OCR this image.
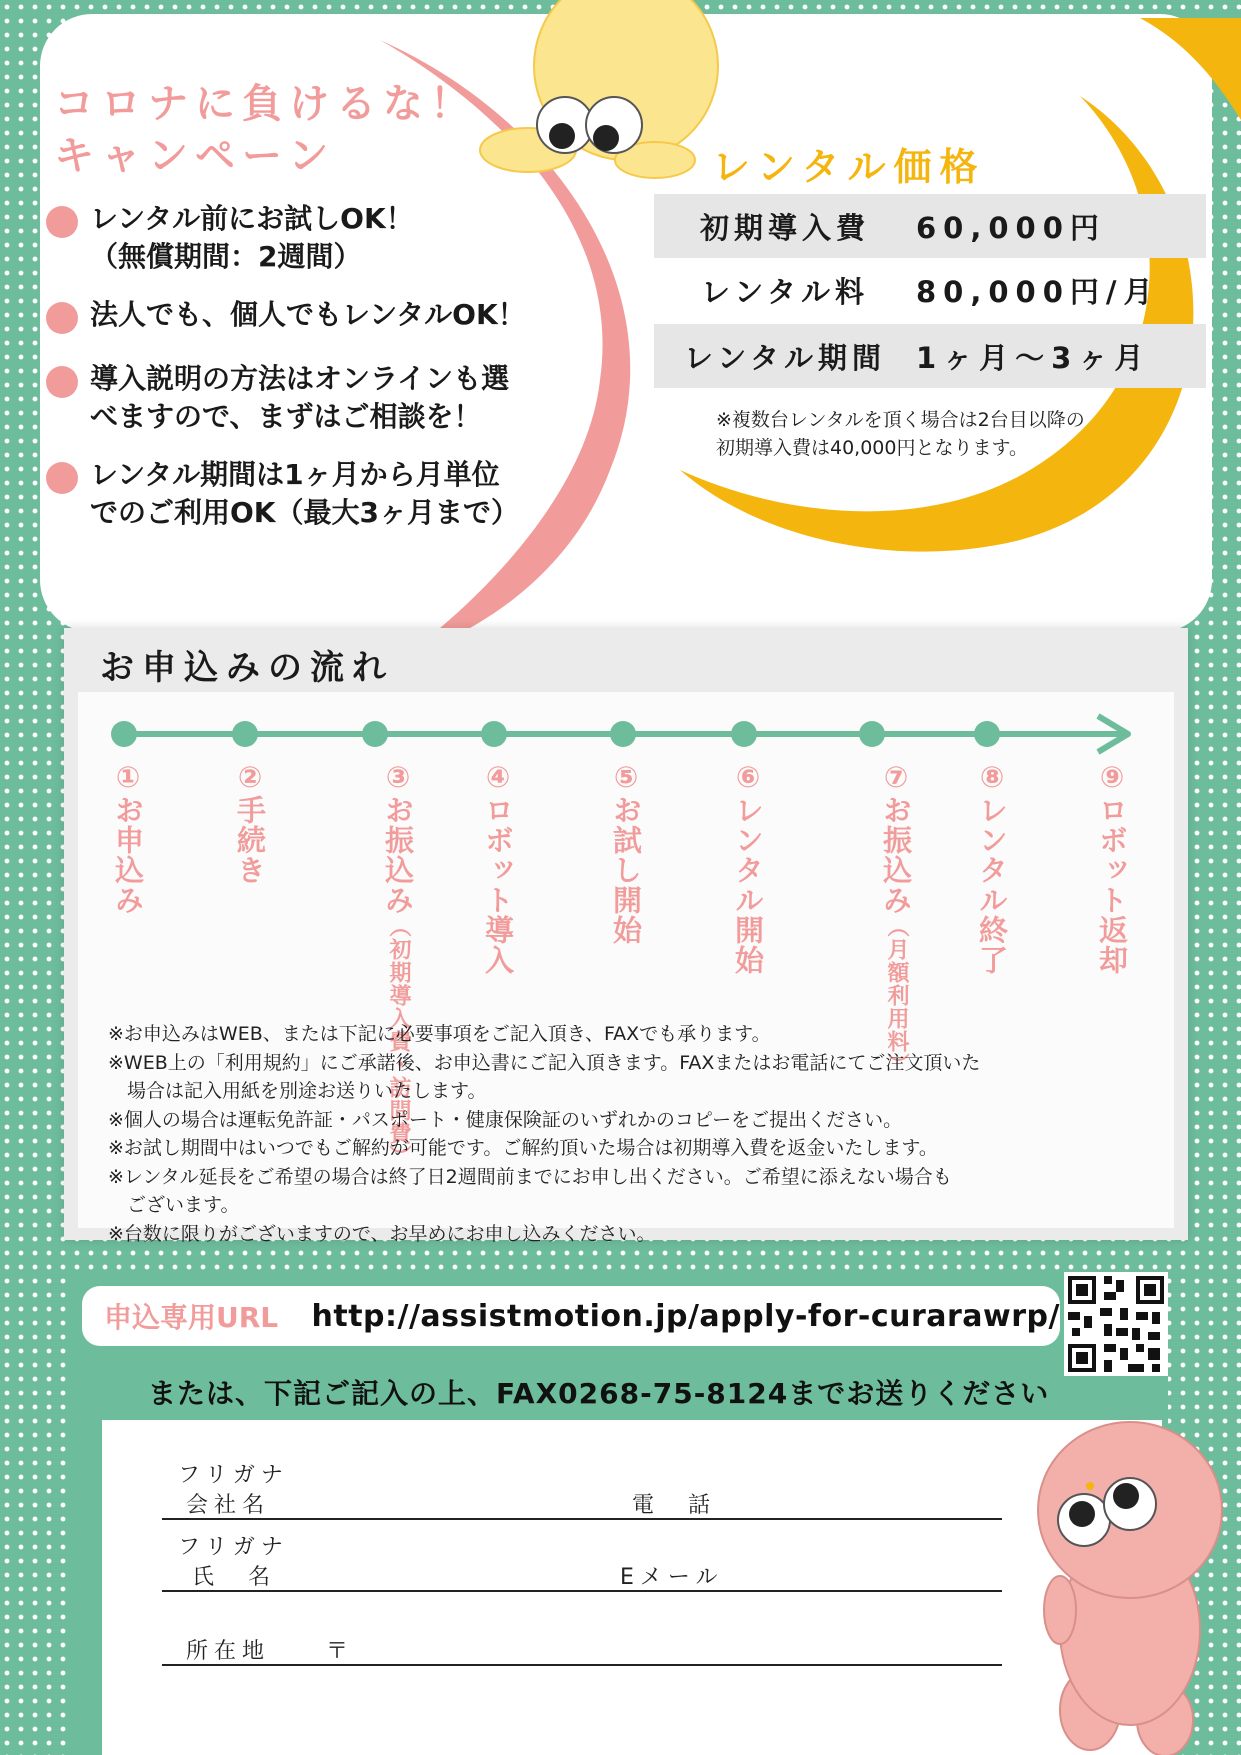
コロナに負けるな！
キャンペーン
レンタル前にお試しOK！
（無償期間：2週間）
法人でも、個人でもレンタルOK！
導入説明の方法はオンラインも選
べますので、まずはご相談を！
レンタル期間は1ヶ月から月単位
でのご利用OK（最大3ヶ月まで）
レンタル価格
初期導入費	60,000円
レンタル料	80,000円/月
レンタル期間	1ヶ月〜3ヶ月
※複数台レンタルを頂く場合は2台目以降の
初期導入費は40,000円となります。
お申込みの流れ
①お申込み	②手続き	③お振込み（初期導入費・訪問費）
④ロボット導入	⑤お試し開始	⑥レンタル開始	⑦お振込み（月額利用料）
⑧レンタル終了	⑨ロボット返却
※お申込みはWEB、または下記に必要事項をご記入頂き、FAXでも承ります。
※WEB上の「利用規約」にご承諾後、お申込書にご記入頂きます。FAXまたはお電話にてご注文頂いた
　場合は記入用紙を別途お送りいたします。
※個人の場合は運転免許証・パスポート・健康保険証のいずれかのコピーをご提出ください。
※お試し期間中はいつでもご解約が可能です。ご解約頂いた場合は初期導入費を返金いたします。
※レンタル延長をご希望の場合は終了日2週間前までにお申し出ください。ご希望に添えない場合も
　ございます。
※台数に限りがございますので、お早めにお申し込みください。
申込専用URL	http://assistmotion.jp/apply-for-curarawrp/
または、下記ご記入の上、FAX0268-75-8124までお送りください
フリガナ
会社名	電　話
フリガナ
氏　名	Eメール
所在地	〒
